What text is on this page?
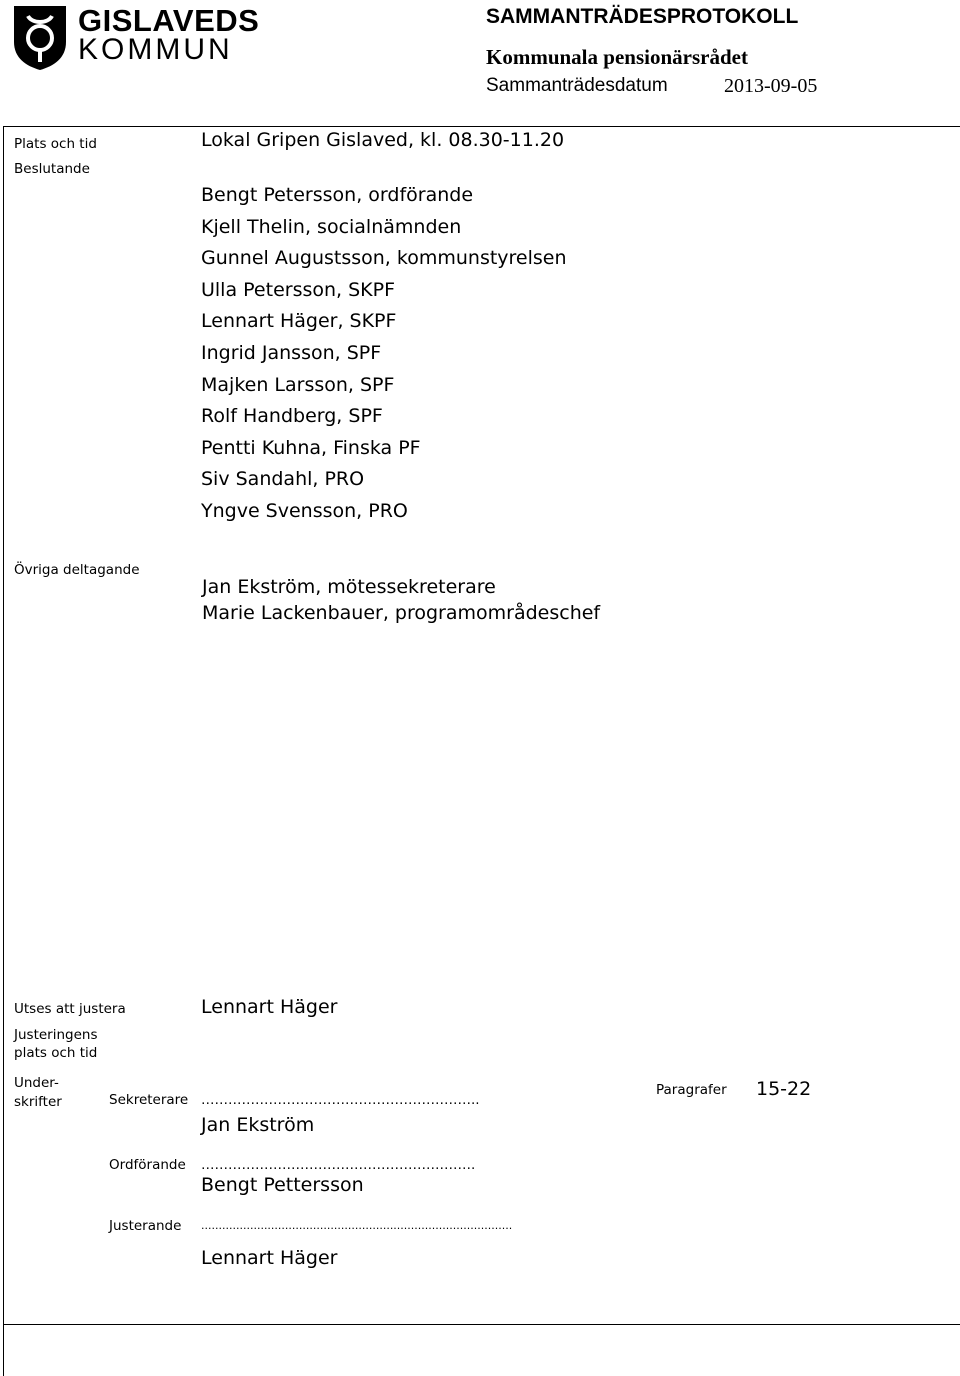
GISLAVEDS
KOMMUN
SAMMANTRÄDESPROTOKOLL
Kommunala pensionärsrådet
Sammanträdesdatum	2013-09-05
Plats och tid	Lokal Gripen Gislaved, kl. 08.30-11.20
Beslutande
Bengt Petersson, ordförande
Kjell Thelin, socialnämnden
Gunnel Augustsson, kommunstyrelsen
Ulla Petersson, SKPF
Lennart Häger, SKPF
Ingrid Jansson, SPF
Majken Larsson, SPF
Rolf Handberg, SPF
Pentti Kuhna, Finska PF
Siv Sandahl, PRO
Yngve Svensson, PRO
Övriga deltagande
Jan Ekström, mötessekreterare
Marie Lackenbauer, programområdeschef
Utses att justera	Lennart Häger
Justeringens
plats och tid
Under-
skrifter	Sekreterare ……………………………………………………..
Jan Ekström
Paragrafer 15-22
Ordförande …………………………………………………….
Bengt Pettersson
Justerande .........................................................................................
Lennart Häger
